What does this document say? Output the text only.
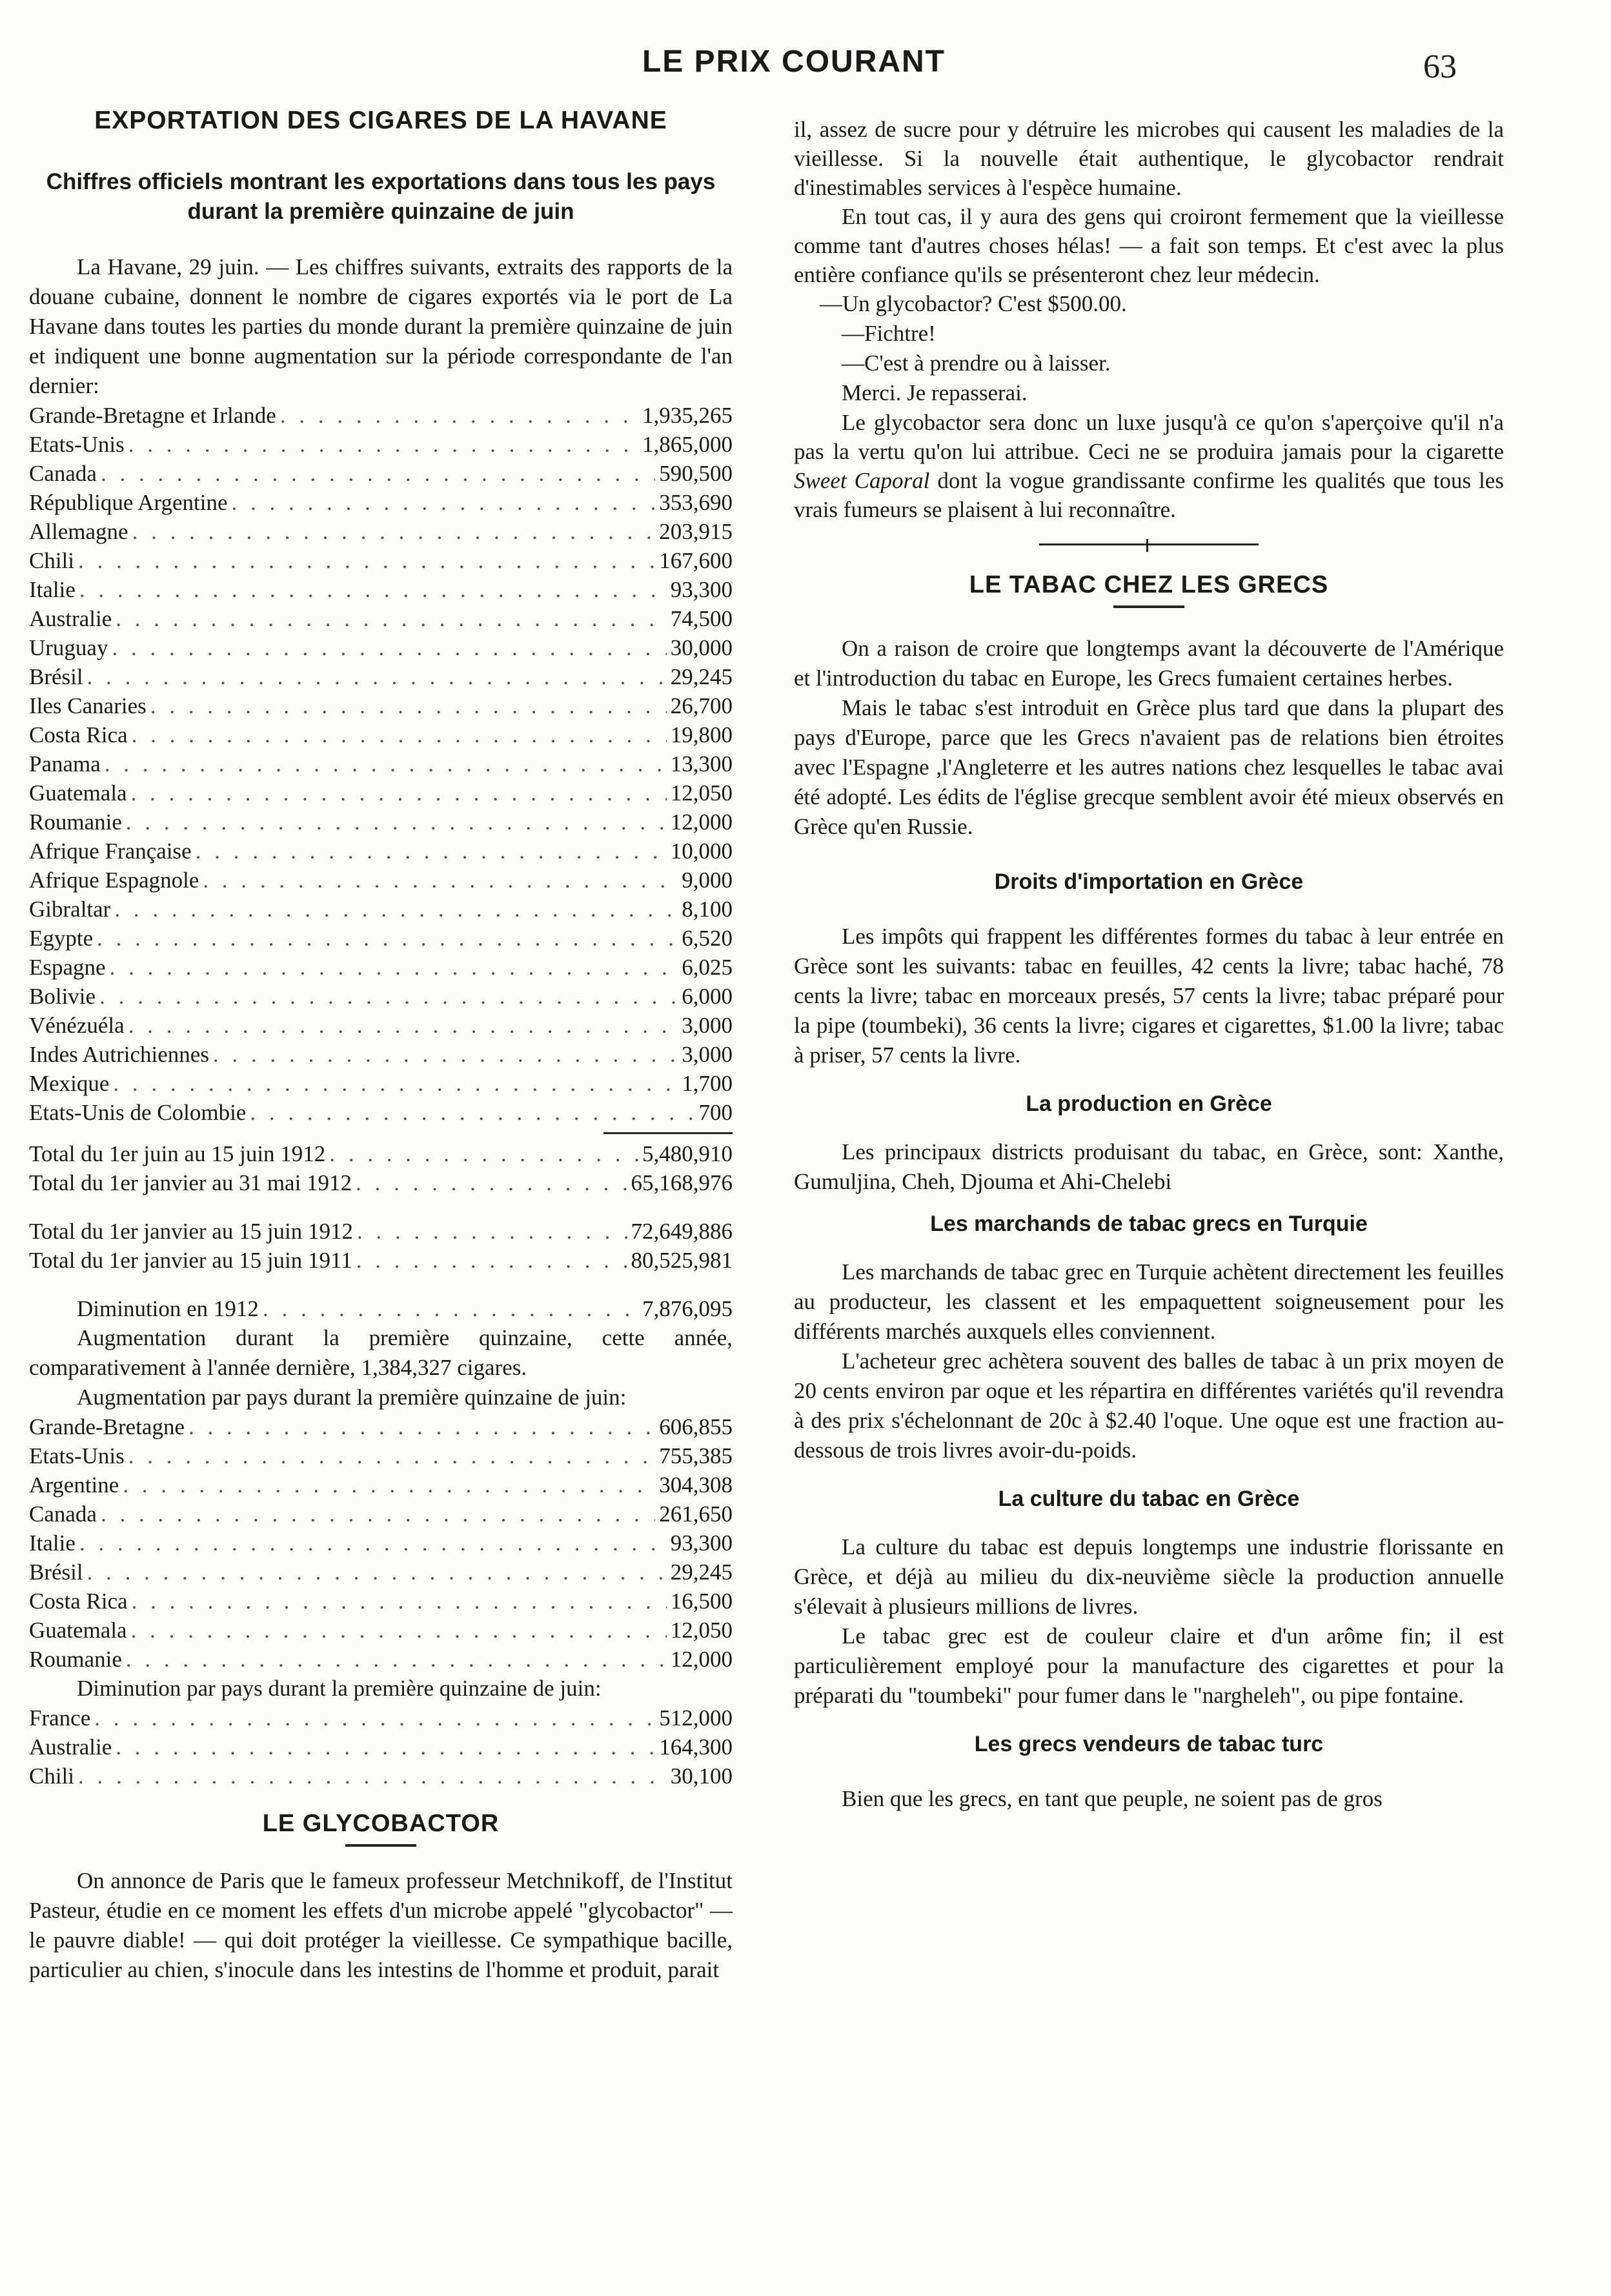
LE PRIX COURANT	63
EXPORTATION DES CIGARES DE LA HAVANE
Chiffres officiels montrant les exportations dans tous les pays durant la première quinzaine de juin

La Havane, 29 juin. — Les chiffres suivants, extraits des rapports de la douane cubaine, donnent le nombre de cigares exportés via le port de La Havane dans toutes les parties du monde durant la première quinzaine de juin et indiquent une bonne augmentation sur la période correspondante de l'an dernier:

Grande-Bretagne et Irlande . . .	1,935,265
Etats-Unis . . .	1,865,000
Canada . . .	590,500
République Argentine . . .	353,690
Allemagne . . .	203,915
Chili . . .	167,600
Italie . . .	93,300
Australie . . .	74,500
Uruguay . . .	30,000
Brésil . . .	29,245
Iles Canaries . . .	26,700
Costa Rica . . .	19,800
Panama . . .	13,300
Guatemala . . .	12,050
Roumanie . . .	12,000
Afrique Française . . .	10,000
Afrique Espagnole . . .	9,000
Gibraltar . . .	8,100
Egypte . . .	6,520
Espagne . . .	6,025
Bolivie . . .	6,000
Vénézuéla . . .	3,000
Indes Autrichiennes . . .	3,000
Mexique . . .	1,700
Etats-Unis de Colombie . . .	700
Total du 1er juin au 15 juin 1912 . . .	5,480,910
Total du 1er janvier au 31 mai 1912 . . .	65,168,976
Total du 1er janvier au 15 juin 1912 . . .	72,649,886
Total du 1er janvier au 15 juin 1911 . . .	80,525,981
Diminution en 1912 . . .	7,876,095

Augmentation durant la première quinzaine, cette année, comparativement à l'année dernière, 1,384,327 cigares.

Augmentation par pays durant la première quinzaine de juin:

Grande-Bretagne . . .	606,855
Etats-Unis . . .	755,385
Argentine . . .	304,308
Canada . . .	261,650
Italie . . .	93,300
Brésil . . .	29,245
Costa Rica . . .	16,500
Guatemala . . .	12,050
Roumanie . . .	12,000

Diminution par pays durant la première quinzaine de juin:

France . . .	512,000
Australie . . .	164,300
Chili . . .	30,100
LE GLYCOBACTOR

On annonce de Paris que le fameux professeur Metchnikoff, de l'Institut Pasteur, étudie en ce moment les effets d'un microbe appelé "glycobactor" — le pauvre diable! — qui doit protéger la vieillesse. Ce sympathique bacille, particulier au chien, s'inocule dans les intestins de l'homme et produit, parait

il, assez de sucre pour y détruire les microbes qui causent les maladies de la vieillesse. Si la nouvelle était authentique, le glycobactor rendrait d'inestimables services à l'espèce humaine.

En tout cas, il y aura des gens qui croiront fermement que la vieillesse comme tant d'autres choses hélas! — a fait son temps. Et c'est avec la plus entière confiance qu'ils se présenteront chez leur médecin.

—Un glycobactor? C'est $500.00.

—Fichtre!

—C'est à prendre ou à laisser.

Merci. Je repasserai.

Le glycobactor sera donc un luxe jusqu'à ce qu'on s'aperçoive qu'il n'a pas la vertu qu'on lui attribue. Ceci ne se produira jamais pour la cigarette Sweet Caporal dont la vogue grandissante confirme les qualités que tous les vrais fumeurs se plaisent à lui reconnaître.

LE TABAC CHEZ LES GRECS

On a raison de croire que longtemps avant la découverte de l'Amérique et l'introduction du tabac en Europe, les Grecs fumaient certaines herbes.

Mais le tabac s'est introduit en Grèce plus tard que dans la plupart des pays d'Europe, parce que les Grecs n'avaient pas de relations bien étroites avec l'Espagne ,l'Angleterre et les autres nations chez lesquelles le tabac avai été adopté. Les édits de l'église grecque semblent avoir été mieux observés en Grèce qu'en Russie.

Droits d'importation en Grèce

Les impôts qui frappent les différentes formes du tabac à leur entrée en Grèce sont les suivants: tabac en feuilles, 42 cents la livre; tabac haché, 78 cents la livre; tabac en morceaux presés, 57 cents la livre; tabac préparé pour la pipe (toumbeki), 36 cents la livre; cigares et cigarettes, $1.00 la livre; tabac à priser, 57 cents la livre.

La production en Grèce

Les principaux districts produisant du tabac, en Grèce, sont: Xanthe, Gumuljina, Cheh, Djouma et Ahi-Chelebi

Les marchands de tabac grecs en Turquie

Les marchands de tabac grec en Turquie achètent directement les feuilles au producteur, les classent et les empaquettent soigneusement pour les différents marchés auxquels elles conviennent.

L'acheteur grec achètera souvent des balles de tabac à un prix moyen de 20 cents environ par oque et les répartira en différentes variétés qu'il revendra à des prix s'échelonnant de 20c à $2.40 l'oque. Une oque est une fraction au-dessous de trois livres avoir-du-poids.

La culture du tabac en Grèce

La culture du tabac est depuis longtemps une industrie florissante en Grèce, et déjà au milieu du dix-neuvième siècle la production annuelle s'élevait à plusieurs millions de livres.

Le tabac grec est de couleur claire et d'un arôme fin; il est particulièrement employé pour la manufacture des cigarettes et pour la préparati du "toumbeki" pour fumer dans le "nargheleh", ou pipe fontaine.

Les grecs vendeurs de tabac turc

Bien que les grecs, en tant que peuple, ne soient pas de gros
